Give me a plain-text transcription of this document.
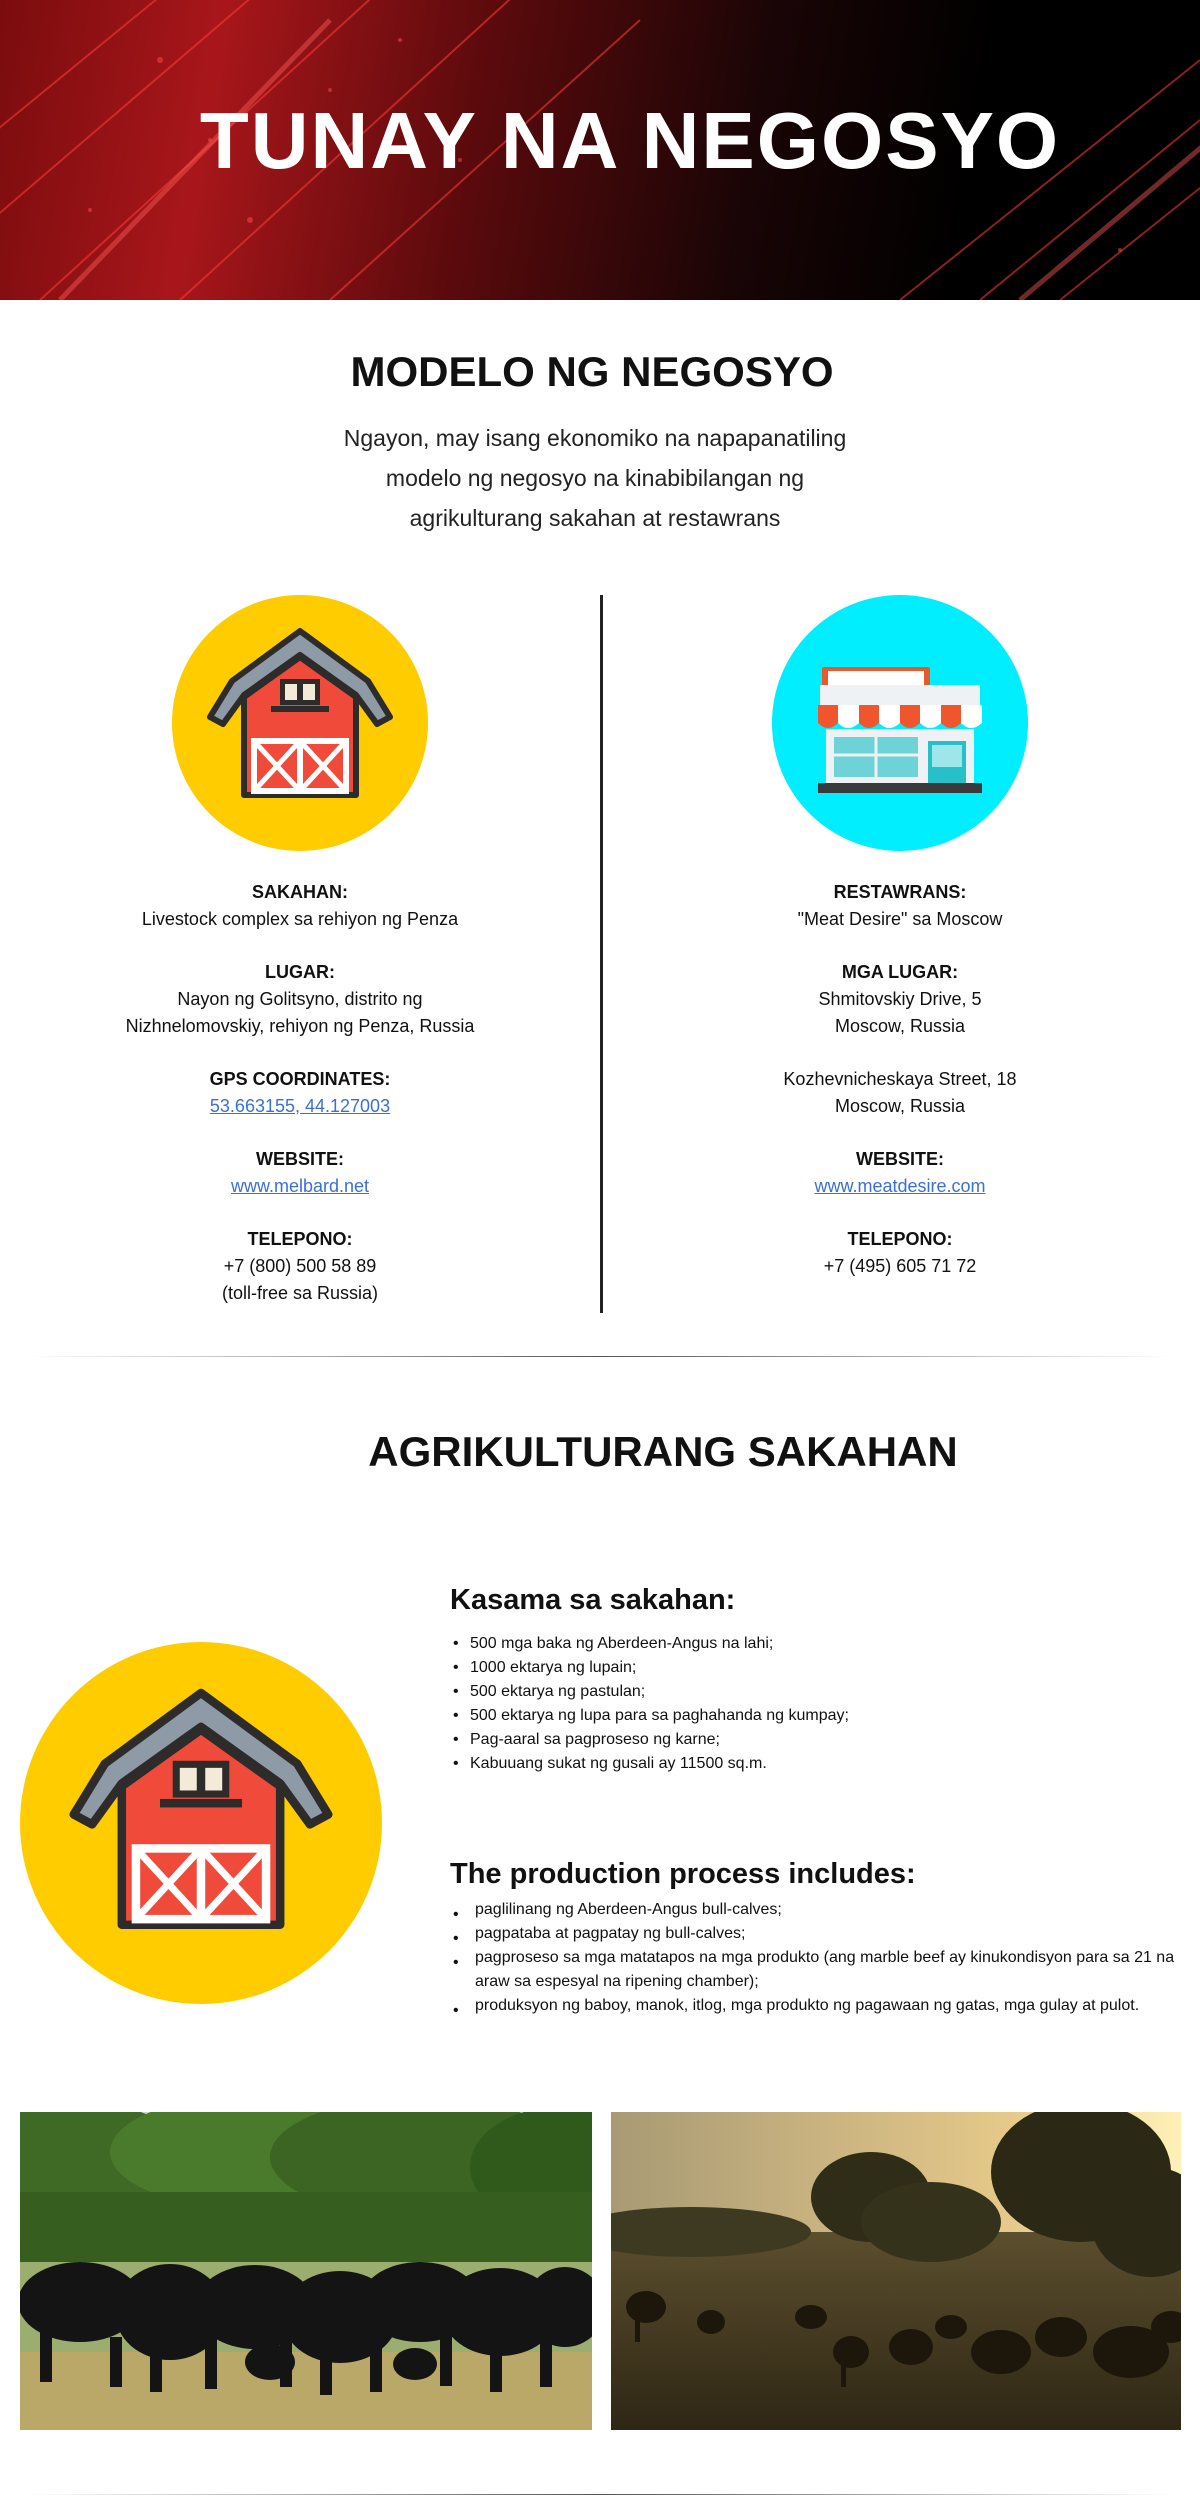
TUNAY NA NEGOSYO
MODELO NG NEGOSYO

Ngayon, may isang ekonomiko na napapanatiling modelo ng negosyo na kinabibilangan ng agrikulturang sakahan at restawrans

SAKAHAN:
Livestock complex sa rehiyon ng Penza
LUGAR:
Nayon ng Golitsyno, distrito ng
Nizhnelomovskiy, rehiyon ng Penza, Russia
GPS COORDINATES:
53.663155, 44.127003
WEBSITE:
www.melbard.net
TELEPONO:
+7 (800) 500 58 89
(toll-free sa Russia)
RESTAWRANS:
"Meat Desire" sa Moscow
MGA LUGAR:
Shmitovskiy Drive, 5
Moscow, Russia
Kozhevnicheskaya Street, 18
Moscow, Russia
WEBSITE:
www.meatdesire.com
TELEPONO:
+7 (495) 605 71 72
AGRIKULTURANG SAKAHAN
Kasama sa sakahan:
• 500 mga baka ng Aberdeen-Angus na lahi;
• 1000 ektarya ng lupain;
• 500 ektarya ng pastulan;
• 500 ektarya ng lupa para sa paghahanda ng kumpay;
• Pag-aaral sa pagproseso ng karne;
• Kabuuang sukat ng gusali ay 11500 sq.m.
The production process includes:
• paglilinang ng Aberdeen-Angus bull-calves;
• pagpataba at pagpatay ng bull-calves;
• pagproseso sa mga matatapos na mga produkto (ang marble beef ay kinukondisyon para sa 21 na araw sa espesyal na ripening chamber);
• produksyon ng baboy, manok, itlog, mga produkto ng pagawaan ng gatas, mga gulay at pulot.
